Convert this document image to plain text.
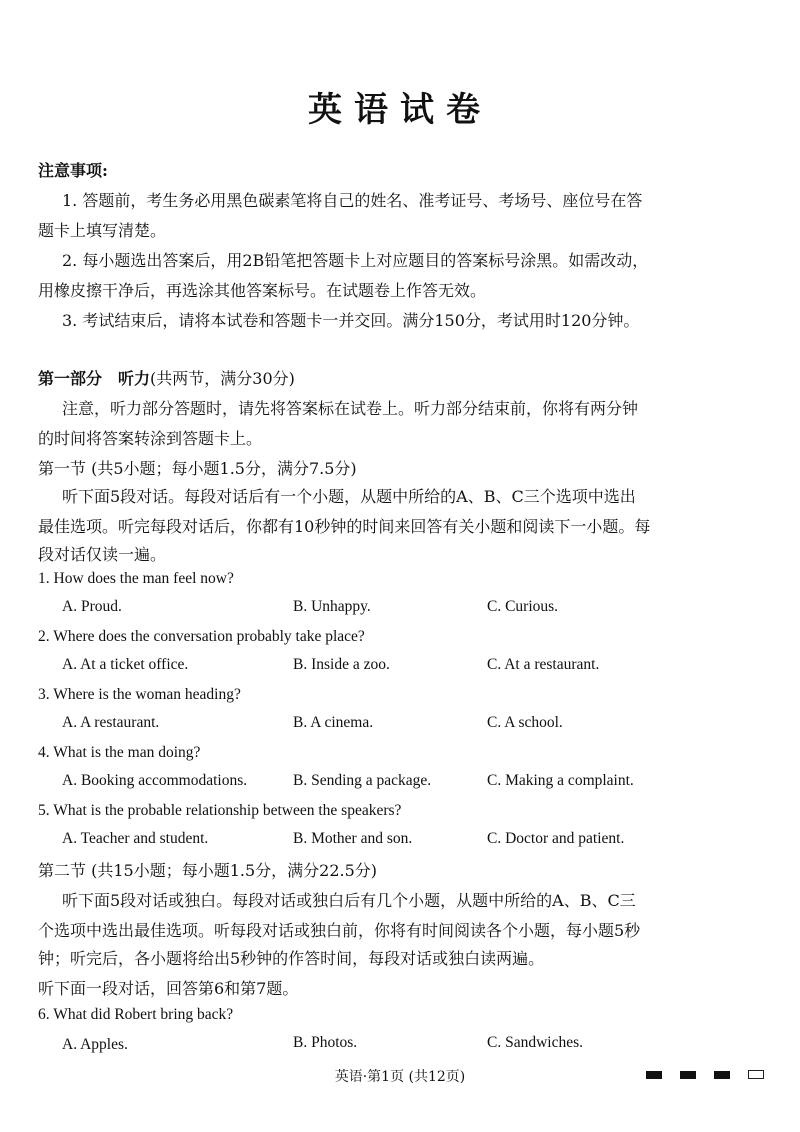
英语试卷
注意事项:
1. 答题前，考生务必用黑色碳素笔将自己的姓名、准考证号、考场号、座位号在答
题卡上填写清楚。
2. 每小题选出答案后，用2B铅笔把答题卡上对应题目的答案标号涂黑。如需改动，
用橡皮擦干净后，再选涂其他答案标号。在试题卷上作答无效。
3. 考试结束后，请将本试卷和答题卡一并交回。满分150分，考试用时120分钟。
第一部分　听力(共两节，满分30分)
注意，听力部分答题时，请先将答案标在试卷上。听力部分结束前，你将有两分钟
的时间将答案转涂到答题卡上。
第一节 (共5小题；每小题1.5分，满分7.5分)
听下面5段对话。每段对话后有一个小题，从题中所给的A、B、C三个选项中选出
最佳选项。听完每段对话后，你都有10秒钟的时间来回答有关小题和阅读下一小题。每
段对话仅读一遍。
1. How does the man feel now?
A. Proud.	B. Unhappy.	C. Curious.
2. Where does the conversation probably take place?
A. At a ticket office.	B. Inside a zoo.	C. At a restaurant.
3. Where is the woman heading?
A. A restaurant.	B. A cinema.	C. A school.
4. What is the man doing?
A. Booking accommodations.	B. Sending a package.	C. Making a complaint.
5. What is the probable relationship between the speakers?
A. Teacher and student.	B. Mother and son.	C. Doctor and patient.
第二节 (共15小题；每小题1.5分，满分22.5分)
听下面5段对话或独白。每段对话或独白后有几个小题，从题中所给的A、B、C三
个选项中选出最佳选项。听每段对话或独白前，你将有时间阅读各个小题，每小题5秒
钟；听完后，各小题将给出5秒钟的作答时间，每段对话或独白读两遍。
听下面一段对话，回答第6和第7题。
6. What did Robert bring back?
A. Apples.	B. Photos.	C. Sandwiches.
英语·第1页 (共12页)
